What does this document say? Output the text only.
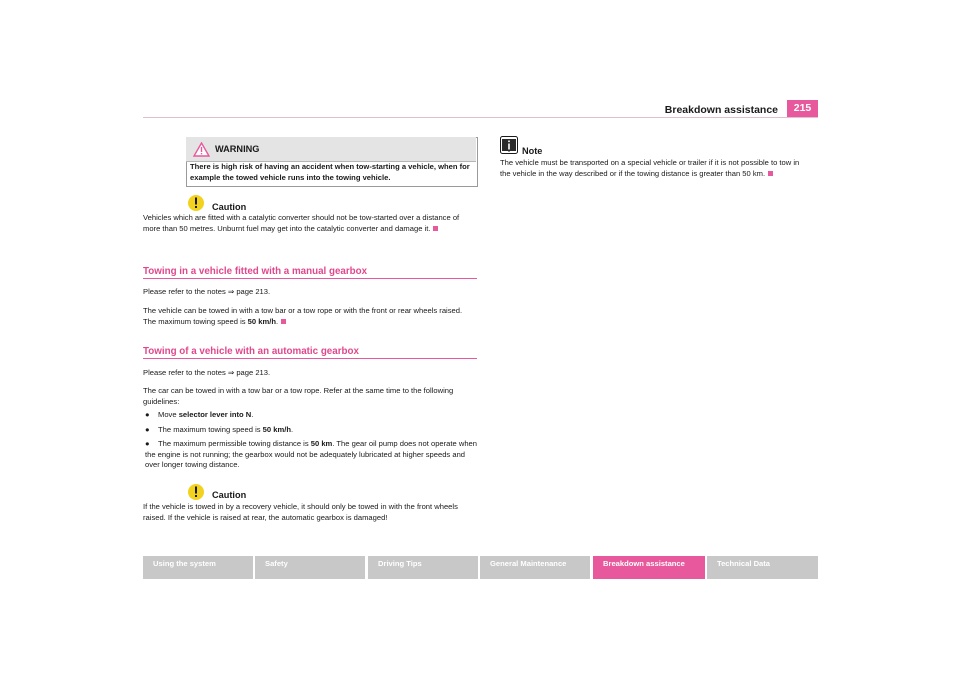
Breakdown assistance	215
WARNING
There is high risk of having an accident when tow-starting a vehicle, when for example the towed vehicle runs into the towing vehicle.
Caution
Vehicles which are fitted with a catalytic converter should not be tow-started over a distance of more than 50 metres. Unburnt fuel may get into the catalytic converter and damage it.
Towing in a vehicle fitted with a manual gearbox
Please refer to the notes ⇒ page 213.
The vehicle can be towed in with a tow bar or a tow rope or with the front or rear wheels raised. The maximum towing speed is 50 km/h.
Towing of a vehicle with an automatic gearbox
Please refer to the notes ⇒ page 213.
The car can be towed in with a tow bar or a tow rope. Refer at the same time to the following guidelines:
● Move selector lever into N.
● The maximum towing speed is 50 km/h.
● The maximum permissible towing distance is 50 km. The gear oil pump does not operate when the engine is not running; the gearbox would not be adequately lubricated at higher speeds and over longer towing distance.
Caution
If the vehicle is towed in by a recovery vehicle, it should only be towed in with the front wheels raised. If the vehicle is raised at rear, the automatic gearbox is damaged!
Note
The vehicle must be transported on a special vehicle or trailer if it is not possible to tow in the vehicle in the way described or if the towing distance is greater than 50 km.
Using the system	Safety	Driving Tips	General Maintenance	Breakdown assistance	Technical Data
